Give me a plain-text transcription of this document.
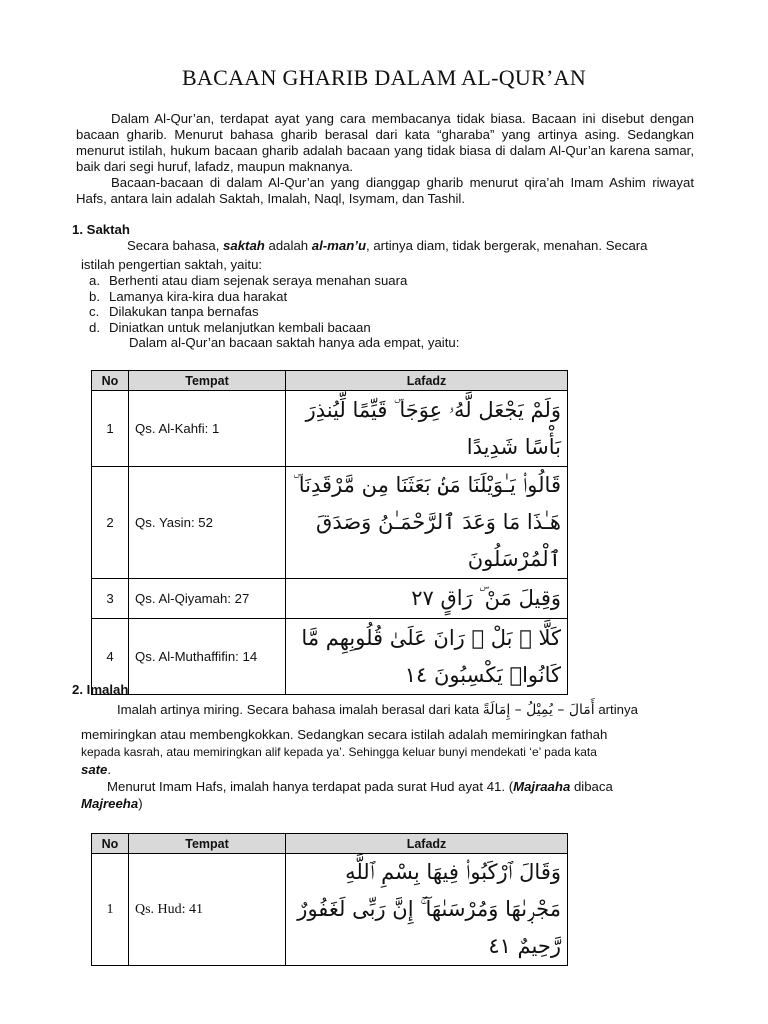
BACAAN GHARIB DALAM AL-QUR’AN
Dalam Al-Qur’an, terdapat ayat yang cara membacanya tidak biasa. Bacaan ini disebut dengan bacaan gharib. Menurut bahasa gharib berasal dari kata “gharaba” yang artinya asing. Sedangkan menurut istilah, hukum bacaan gharib adalah bacaan yang tidak biasa di dalam Al-Qur’an karena samar, baik dari segi huruf, lafadz, maupun maknanya.
Bacaan-bacaan di dalam Al-Qur’an yang dianggap gharib menurut qira’ah Imam Ashim riwayat Hafs, antara lain adalah Saktah, Imalah, Naql, Isymam, dan Tashil.
1. Saktah
Secara bahasa, saktah adalah al-man’u, artinya diam, tidak bergerak, menahan. Secara
istilah pengertian saktah, yaitu:
a. Berhenti atau diam sejenak seraya menahan suara
b. Lamanya kira-kira dua harakat
c. Dilakukan tanpa bernafas
d. Diniatkan untuk melanjutkan kembali bacaan
Dalam al-Qur’an bacaan saktah hanya ada empat, yaitu:
No	Tempat	Lafadz
1	Qs. Al-Kahfi: 1	وَلَمْ يَجْعَل لَّهُۥ عِوَجَا ۜ قَيِّمًا لِّيُنذِرَ بَأْسًا شَدِيدًا
2	Qs. Yasin: 52	قَالُوا۟ يَـٰوَيْلَنَا مَنۢ بَعَثَنَا مِن مَّرْقَدِنَا ۜ هَـٰذَا مَا وَعَدَ ٱلرَّحْمَـٰنُ وَصَدَقَ ٱلْمُرْسَلُونَ
3	Qs. Al-Qiyamah: 27	وَقِيلَ مَنْ ۜ رَاقٍ ٢٧
4	Qs. Al-Muthaffifin: 14	كَلَّا ۖ بَلْ ۜ رَانَ عَلَىٰ قُلُوبِهِم مَّا كَانُوا۟ يَكْسِبُونَ ١٤
2. Imalah
Imalah artinya miring. Secara bahasa imalah berasal dari kata أَمَالَ – يُمِيْلُ – إِمَالَةً artinya
memiringkan atau membengkokkan. Sedangkan secara istilah adalah memiringkan fathah
kepada kasrah, atau memiringkan alif kepada ya’. Sehingga keluar bunyi mendekati ‘e’ pada kata
sate.
Menurut Imam Hafs, imalah hanya terdapat pada surat Hud ayat 41. (Majraaha dibaca
Majreeha)
No	Tempat	Lafadz
1	Qs. Hud: 41	وَقَالَ ٱرْكَبُوا۟ فِيهَا بِسْمِ ٱللَّهِ مَجْرٜىٰهَا وَمُرْسَىٰهَآ ۚ إِنَّ رَبِّى لَغَفُورٌ رَّحِيمٌ ٤١
